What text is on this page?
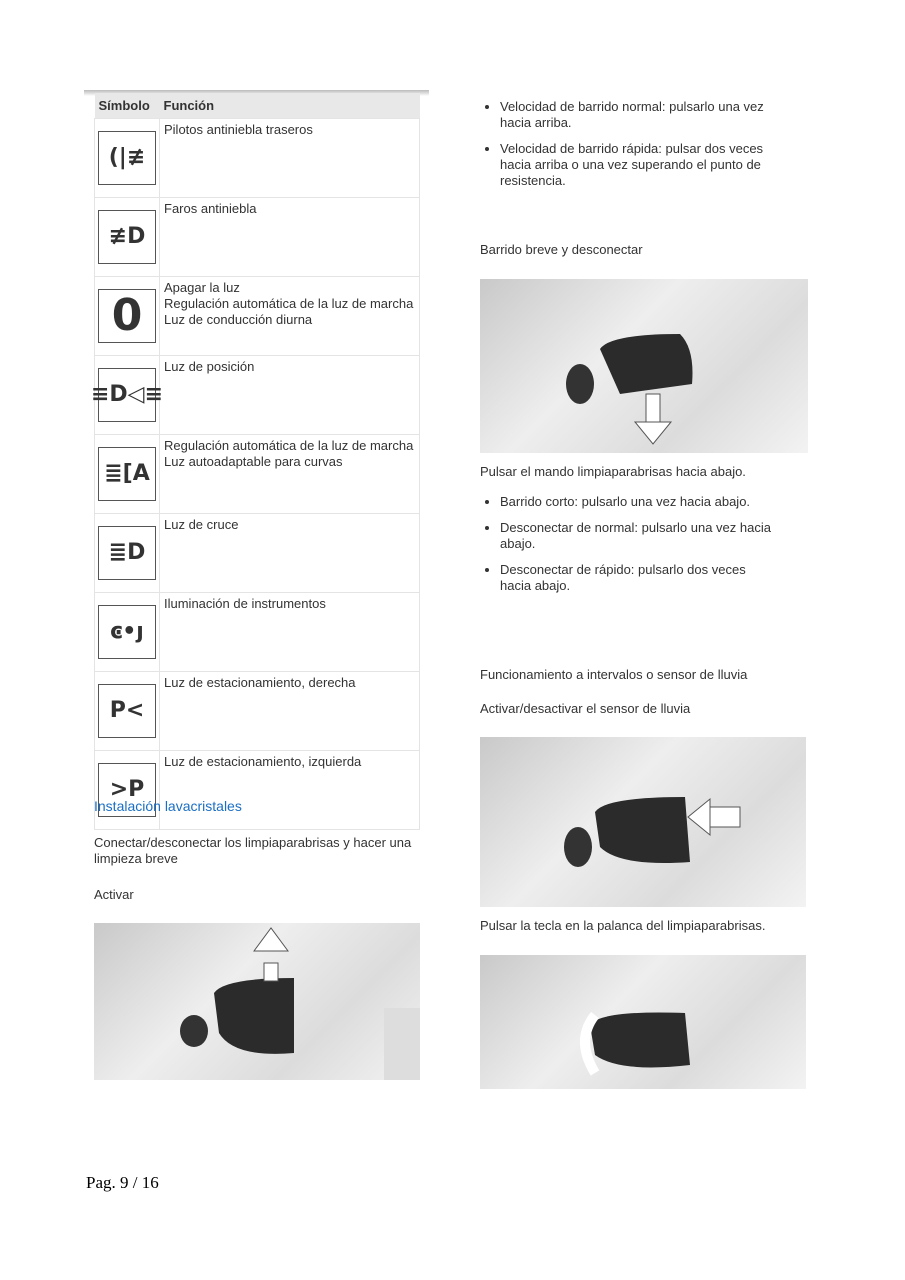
Símbolo	Función

(|≢	Pilotos antiniebla traseros

≢D	Faros antiniebla

0	Apagar la luz
Regulación automática de la luz de marcha
Luz de conducción diurna

≡D◁≡	Luz de posición

≣[A	Regulación automática de la luz de marcha
Luz autoadaptable para curvas

≣D	Luz de cruce

ͼ•ȷ	Iluminación de instrumentos

P<	Luz de estacionamiento, derecha

>P	Luz de estacionamiento, izquierda
Instalación lavacristales
Conectar/desconectar los limpiaparabrisas y hacer una limpieza breve
Activar
• Velocidad de barrido normal: pulsarlo una vez hacia arriba.
• Velocidad de barrido rápida: pulsar dos veces hacia arriba o una vez superando el punto de resistencia.
Barrido breve y desconectar
Pulsar el mando limpiaparabrisas hacia abajo.
• Barrido corto: pulsarlo una vez hacia abajo.
• Desconectar de normal: pulsarlo una vez hacia abajo.
• Desconectar de rápido: pulsarlo dos veces hacia abajo.
Funcionamiento a intervalos o sensor de lluvia
Activar/desactivar el sensor de lluvia
Pulsar la tecla en la palanca del limpiaparabrisas.
Pag. 9 / 16
